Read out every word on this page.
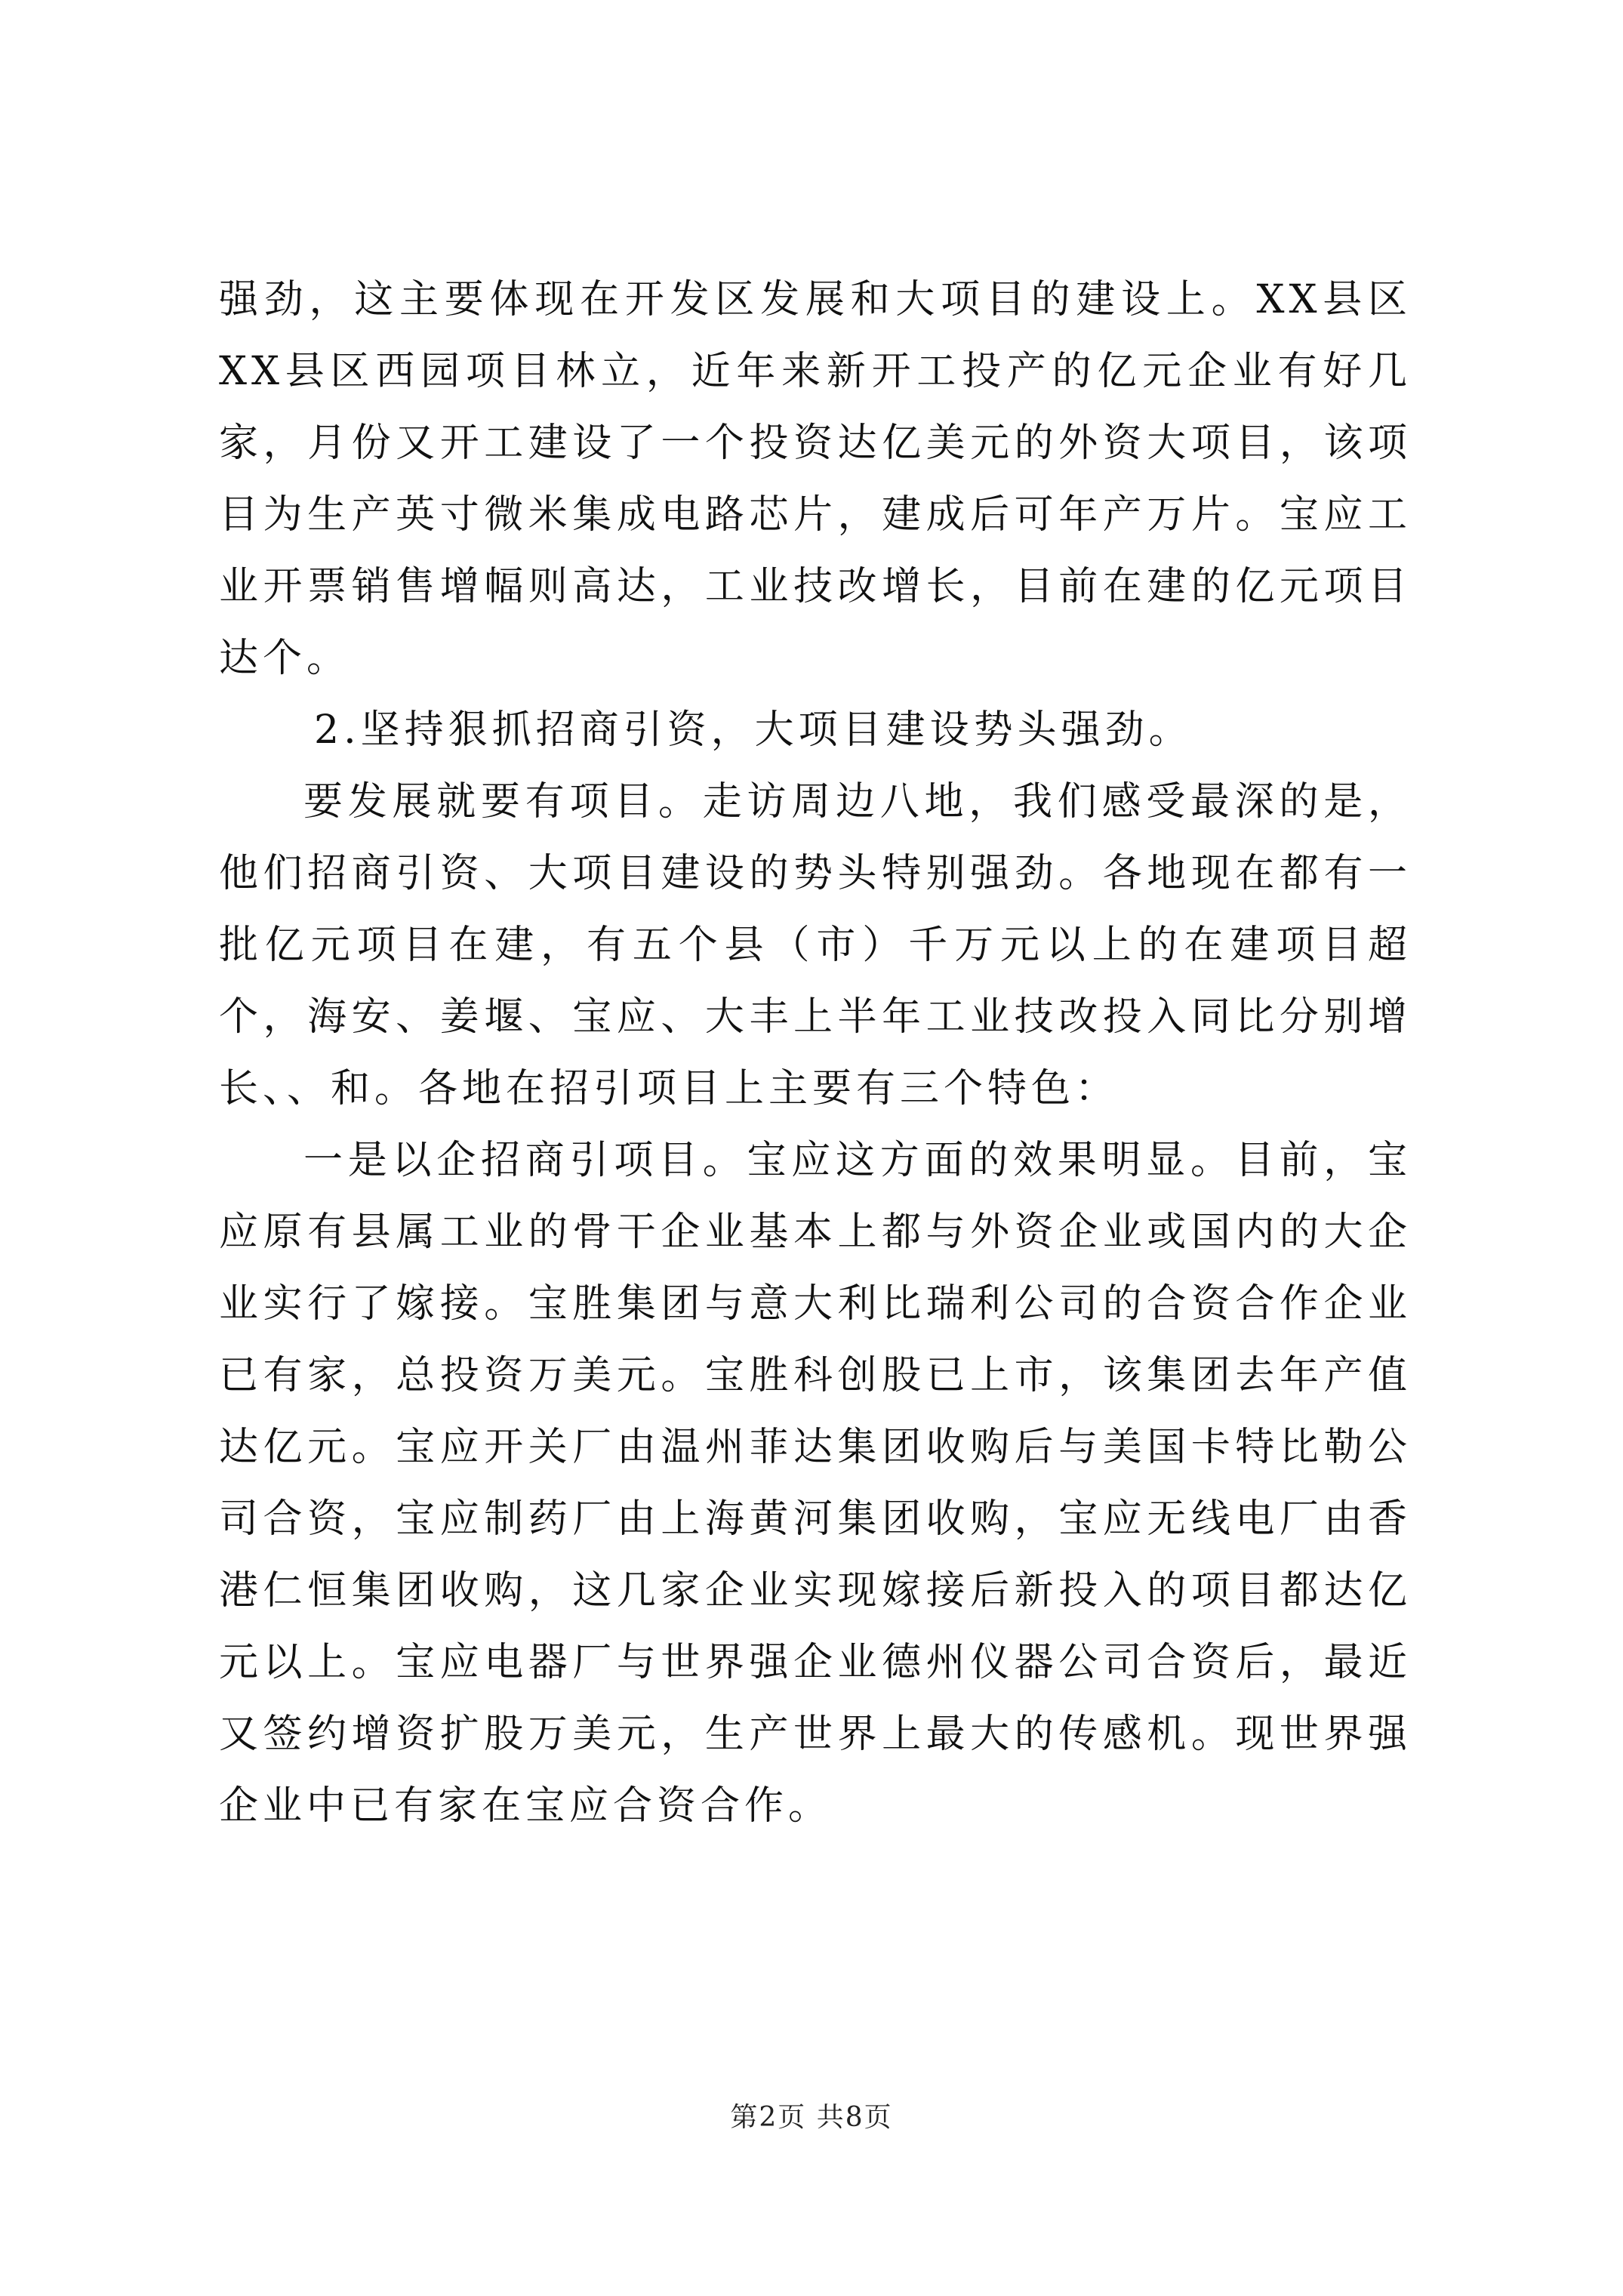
强劲，这主要体现在开发区发展和大项目的建设上。XX县区XX县区西园项目林立，近年来新开工投产的亿元企业有好几家，月份又开工建设了一个投资达亿美元的外资大项目，该项目为生产英寸微米集成电路芯片，建成后可年产万片。宝应工业开票销售增幅则高达，工业技改增长，目前在建的亿元项目达个。

2.坚持狠抓招商引资，大项目建设势头强劲。

要发展就要有项目。走访周边八地，我们感受最深的是，他们招商引资、大项目建设的势头特别强劲。各地现在都有一批亿元项目在建，有五个县（市）千万元以上的在建项目超个，海安、姜堰、宝应、大丰上半年工业技改投入同比分别增长、、和。各地在招引项目上主要有三个特色：

一是以企招商引项目。宝应这方面的效果明显。目前，宝应原有县属工业的骨干企业基本上都与外资企业或国内的大企业实行了嫁接。宝胜集团与意大利比瑞利公司的合资合作企业已有家，总投资万美元。宝胜科创股已上市，该集团去年产值达亿元。宝应开关厂由温州菲达集团收购后与美国卡特比勒公司合资，宝应制药厂由上海黄河集团收购，宝应无线电厂由香港仁恒集团收购，这几家企业实现嫁接后新投入的项目都达亿元以上。宝应电器厂与世界强企业德州仪器公司合资后，最近又签约增资扩股万美元，生产世界上最大的传感机。现世界强企业中已有家在宝应合资合作。

第2页 共8页
